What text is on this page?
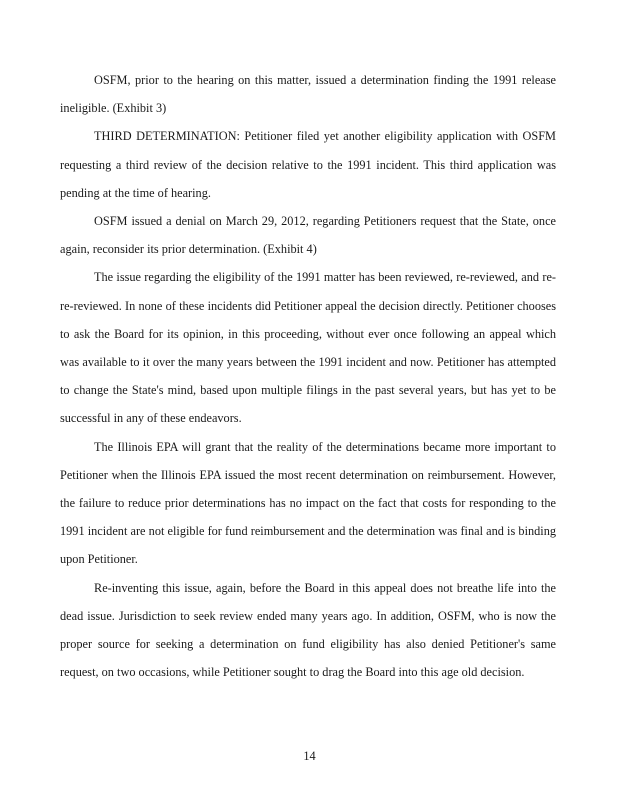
OSFM, prior to the hearing on this matter, issued a determination finding the 1991 release ineligible. (Exhibit 3)

THIRD DETERMINATION: Petitioner filed yet another eligibility application with OSFM requesting a third review of the decision relative to the 1991 incident. This third application was pending at the time of hearing.

OSFM issued a denial on March 29, 2012, regarding Petitioners request that the State, once again, reconsider its prior determination. (Exhibit 4)

The issue regarding the eligibility of the 1991 matter has been reviewed, re-reviewed, and re-re-reviewed. In none of these incidents did Petitioner appeal the decision directly. Petitioner chooses to ask the Board for its opinion, in this proceeding, without ever once following an appeal which was available to it over the many years between the 1991 incident and now. Petitioner has attempted to change the State's mind, based upon multiple filings in the past several years, but has yet to be successful in any of these endeavors.

The Illinois EPA will grant that the reality of the determinations became more important to Petitioner when the Illinois EPA issued the most recent determination on reimbursement. However, the failure to reduce prior determinations has no impact on the fact that costs for responding to the 1991 incident are not eligible for fund reimbursement and the determination was final and is binding upon Petitioner.

Re-inventing this issue, again, before the Board in this appeal does not breathe life into the dead issue. Jurisdiction to seek review ended many years ago. In addition, OSFM, who is now the proper source for seeking a determination on fund eligibility has also denied Petitioner's same request, on two occasions, while Petitioner sought to drag the Board into this age old decision.

14
